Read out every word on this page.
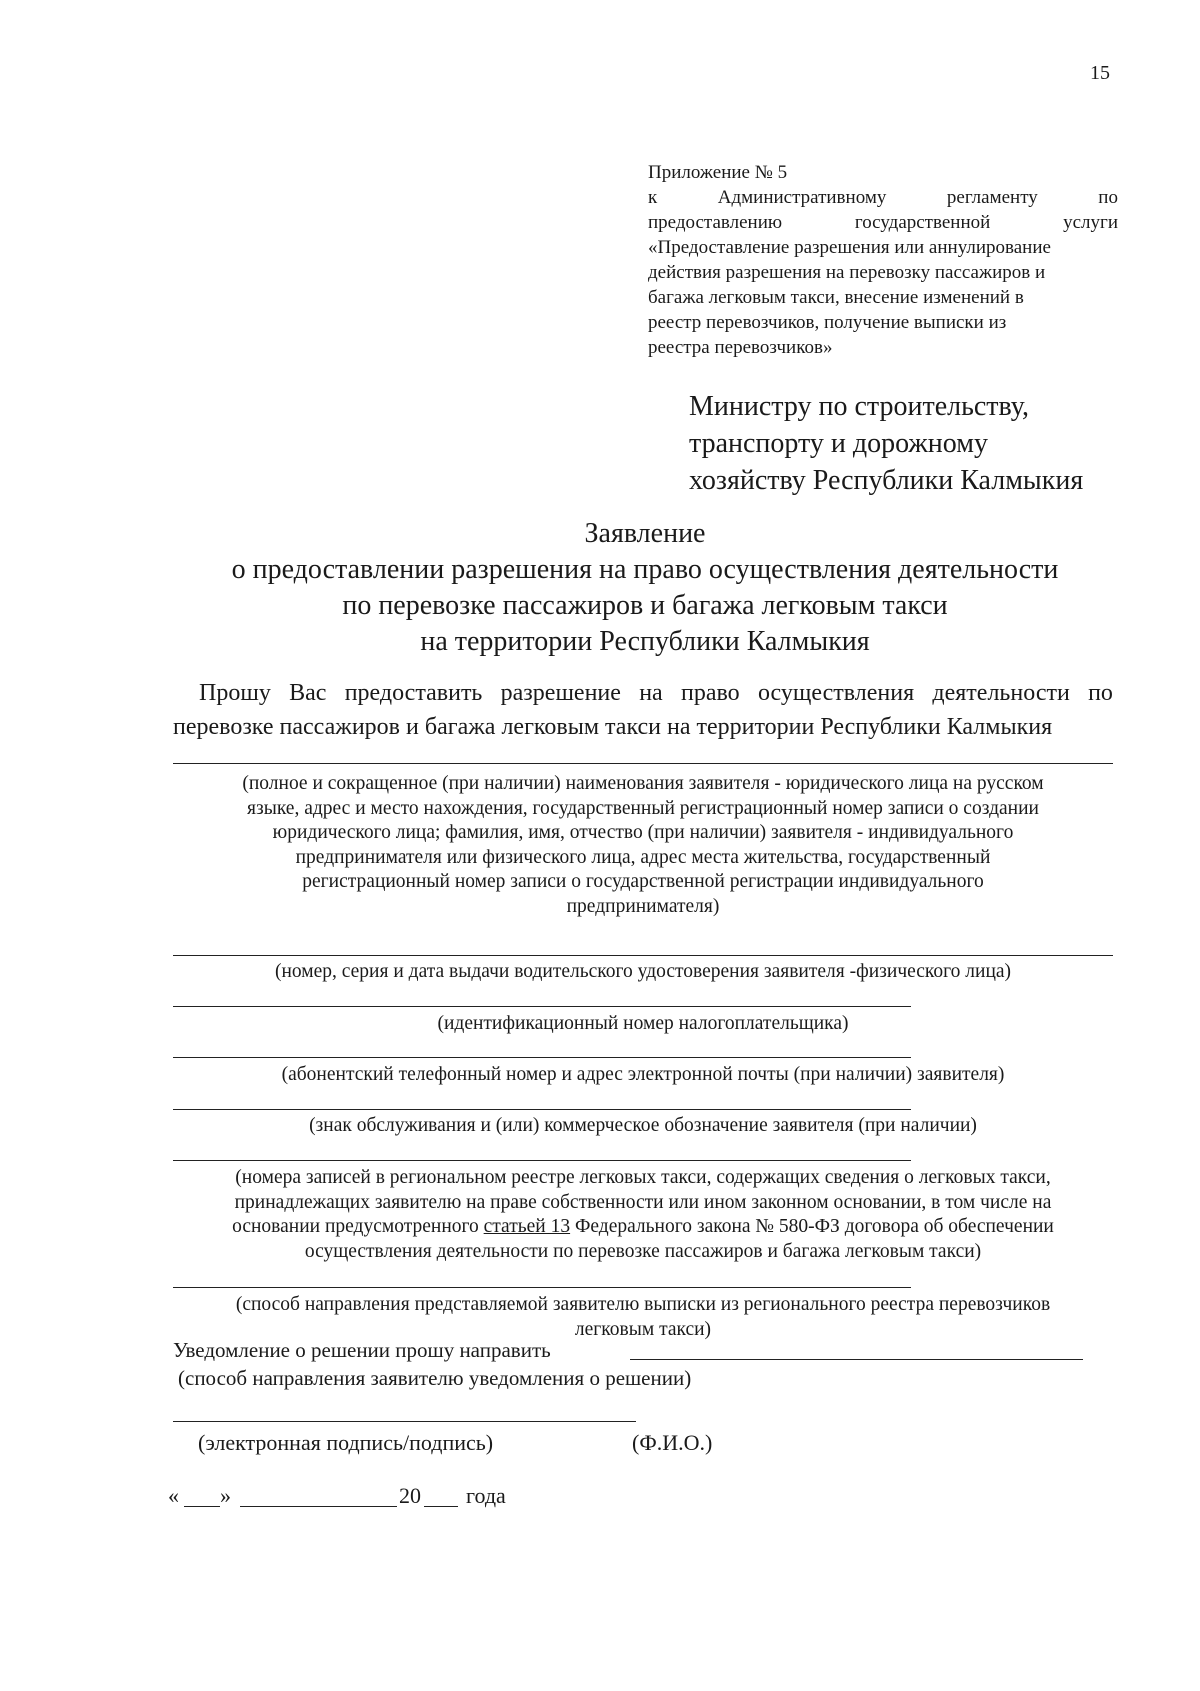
15
Приложение № 5
к	Административному	регламенту	по
предоставлению	государственной	услуги
«Предоставление разрешения или аннулирование
действия разрешения на перевозку пассажиров и
багажа легковым такси, внесение изменений в
реестр перевозчиков, получение выписки из
реестра перевозчиков»
Министру по строительству,
транспорту и дорожному
хозяйству Республики Калмыкия
Заявление
о предоставлении разрешения на право осуществления деятельности
по перевозке пассажиров и багажа легковым такси
на территории Республики Калмыкия
Прошу Вас предоставить разрешение на право осуществления деятельности по
перевозке пассажиров и багажа легковым такси на территории Республики Калмыкия
(полное и сокращенное (при наличии) наименования заявителя - юридического лица на русском
языке, адрес и место нахождения, государственный регистрационный номер записи о создании
юридического лица; фамилия, имя, отчество (при наличии) заявителя - индивидуального
предпринимателя или физического лица, адрес места жительства, государственный
регистрационный номер записи о государственной регистрации индивидуального
предпринимателя)
(номер, серия и дата выдачи водительского удостоверения заявителя -физического лица)
(идентификационный номер налогоплательщика)
(абонентский телефонный номер и адрес электронной почты (при наличии) заявителя)
(знак обслуживания и (или) коммерческое обозначение заявителя (при наличии)
(номера записей в региональном реестре легковых такси, содержащих сведения о легковых такси,
принадлежащих заявителю на праве собственности или ином законном основании, в том числе на
основании предусмотренного статьей 13 Федерального закона № 580-ФЗ договора об обеспечении
осуществления деятельности по перевозке пассажиров и багажа легковым такси)
(способ направления представляемой заявителю выписки из регионального реестра перевозчиков
легковым такси)
Уведомление о решении прошу направить
(способ направления заявителю уведомления о решении)
(электронная подпись/подпись)	(Ф.И.О.)
« »	20 года
